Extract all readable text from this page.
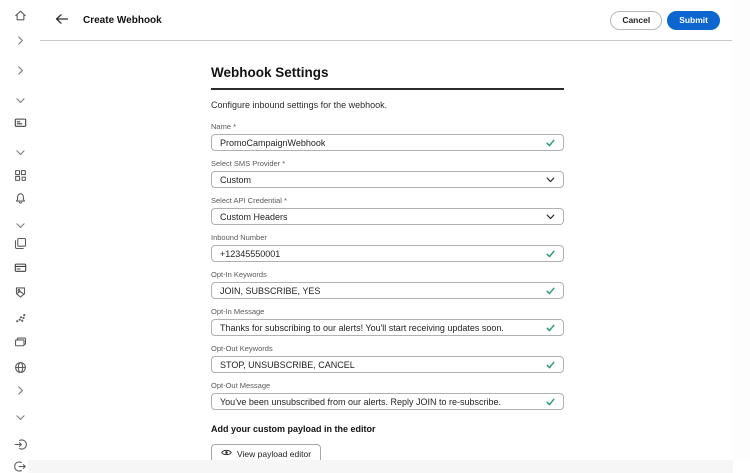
Create Webhook	Cancel	Submit
Webhook Settings
Configure inbound settings for the webhook.
Name *
PromoCampaignWebhook
Select SMS Provider *
Custom
Select API Credential *
Custom Headers
Inbound Number
+12345550001
Opt-In Keywords
JOIN, SUBSCRIBE, YES
Opt-In Message
Thanks for subscribing to our alerts! You'll start receiving updates soon.
Opt-Out Keywords
STOP, UNSUBSCRIBE, CANCEL
Opt-Out Message
You've been unsubscribed from our alerts. Reply JOIN to re-subscribe.
Add your custom payload in the editor
View payload editor
